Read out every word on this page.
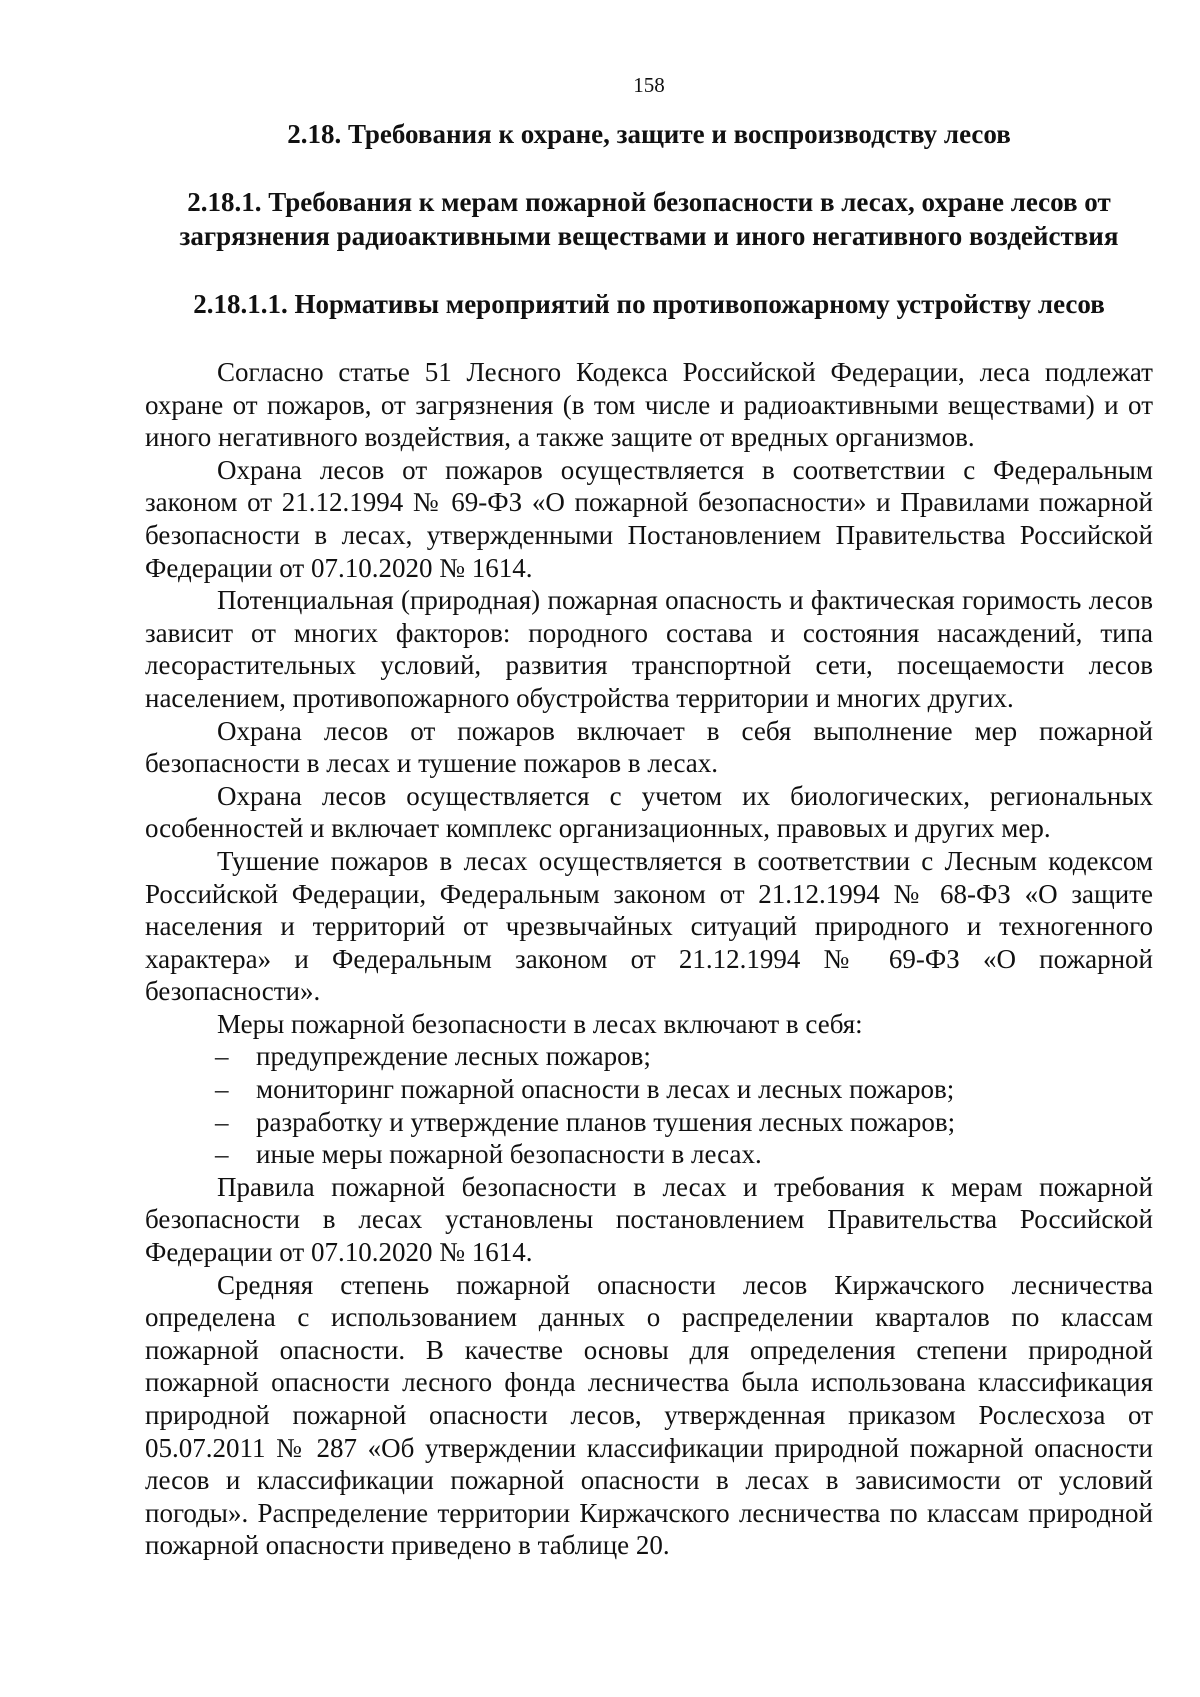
158
2.18. Требования к охране, защите и воспроизводству лесов
2.18.1. Требования к мерам пожарной безопасности в лесах, охране лесов от загрязнения радиоактивными веществами и иного негативного воздействия
2.18.1.1. Нормативы мероприятий по противопожарному устройству лесов

Согласно статье 51 Лесного Кодекса Российской Федерации, леса подлежат охране от пожаров, от загрязнения (в том числе и радиоактивными веществами) и от иного негативного воздействия, а также защите от вредных организмов.

Охрана лесов от пожаров осуществляется в соответствии с Федеральным законом от 21.12.1994 № 69-ФЗ «О пожарной безопасности» и Правилами пожарной безопасности в лесах, утвержденными Постановлением Правительства Российской Федерации от 07.10.2020 № 1614.

Потенциальная (природная) пожарная опасность и фактическая горимость лесов зависит от многих факторов: породного состава и состояния насаждений, типа лесорастительных условий, развития транспортной сети, посещаемости лесов населением, противопожарного обустройства территории и многих других.

Охрана лесов от пожаров включает в себя выполнение мер пожарной безопасности в лесах и тушение пожаров в лесах.

Охрана лесов осуществляется с учетом их биологических, региональных особенностей и включает комплекс организационных, правовых и других мер.

Тушение пожаров в лесах осуществляется в соответствии с Лесным кодексом Российской Федерации, Федеральным законом от 21.12.1994 № 68-ФЗ «О защите населения и территорий от чрезвычайных ситуаций природного и техногенного характера» и Федеральным законом от 21.12.1994 № 69-ФЗ «О пожарной безопасности».

Меры пожарной безопасности в лесах включают в себя:

– предупреждение лесных пожаров;
– мониторинг пожарной опасности в лесах и лесных пожаров;
– разработку и утверждение планов тушения лесных пожаров;
– иные меры пожарной безопасности в лесах.

Правила пожарной безопасности в лесах и требования к мерам пожарной безопасности в лесах установлены постановлением Правительства Российской Федерации от 07.10.2020 № 1614.

Средняя степень пожарной опасности лесов Киржачского лесничества определена с использованием данных о распределении кварталов по классам пожарной опасности. В качестве основы для определения степени природной пожарной опасности лесного фонда лесничества была использована классификация природной пожарной опасности лесов, утвержденная приказом Рослесхоза от 05.07.2011 № 287 «Об утверждении классификации природной пожарной опасности лесов и классификации пожарной опасности в лесах в зависимости от условий погоды». Распределение территории Киржачского лесничества по классам природной пожарной опасности приведено в таблице 20.
